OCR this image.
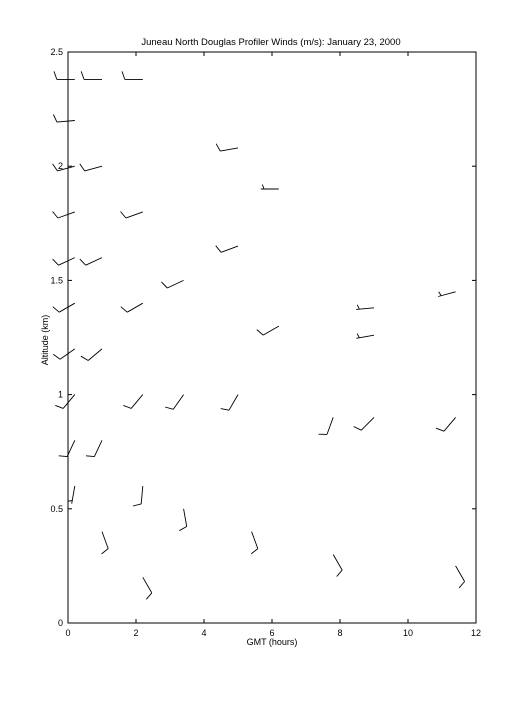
Juneau North Douglas Profiler Winds (m/s): January 23, 2000
0
0.5
1
1.5
2
2.5
0	2	4	6	8	10	12
GMT (hours)
Altitude (km)
